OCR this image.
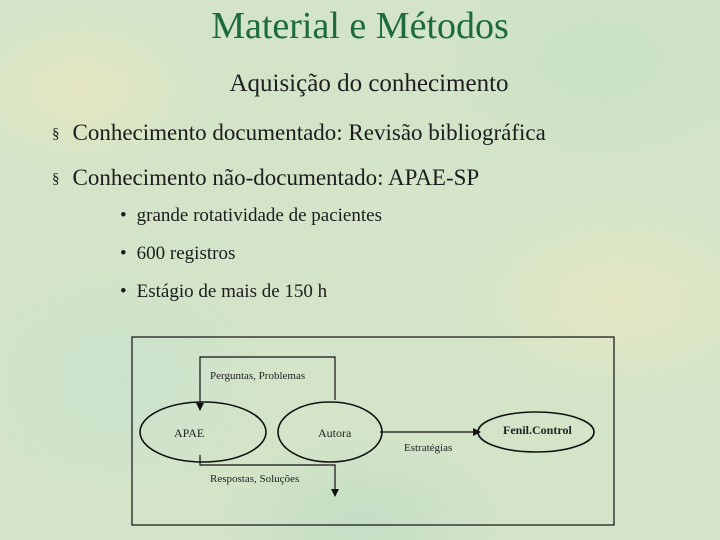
Material e Métodos
Aquisição do conhecimento
§ Conhecimento documentado: Revisão bibliográfica
§ Conhecimento não-documentado: APAE-SP
• grande rotatividade de pacientes
• 600 registros
• Estágio de mais de 150 h
Perguntas, Problemas
Respostas, Soluções
APAE	Autora	Fenil.Control
Estratégias
